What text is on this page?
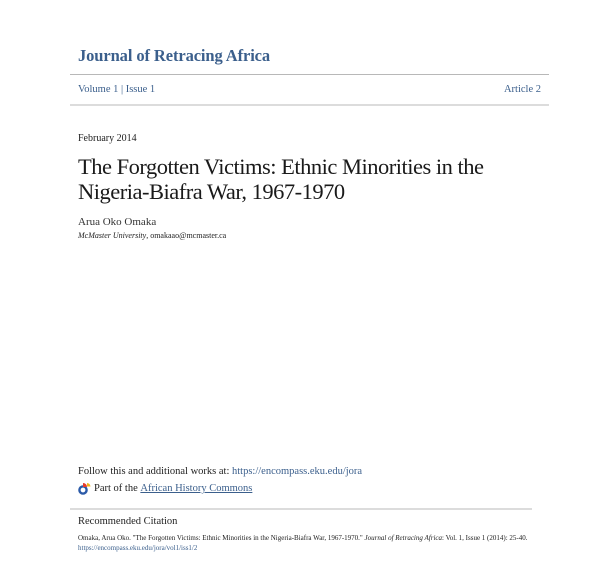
Journal of Retracing Africa
Volume 1 | Issue 1	Article 2
February 2014
The Forgotten Victims: Ethnic Minorities in the Nigeria-Biafra War, 1967-1970
Arua Oko Omaka
McMaster University, omakaao@mcmaster.ca
Follow this and additional works at: https://encompass.eku.edu/jora
Part of the
African History Commons
Recommended Citation
Omaka, Arua Oko. "The Forgotten Victims: Ethnic Minorities in the Nigeria-Biafra War, 1967-1970." Journal of Retracing Africa: Vol. 1, Issue 1 (2014): 25-40. https://encompass.eku.edu/jora/vol1/iss1/2
